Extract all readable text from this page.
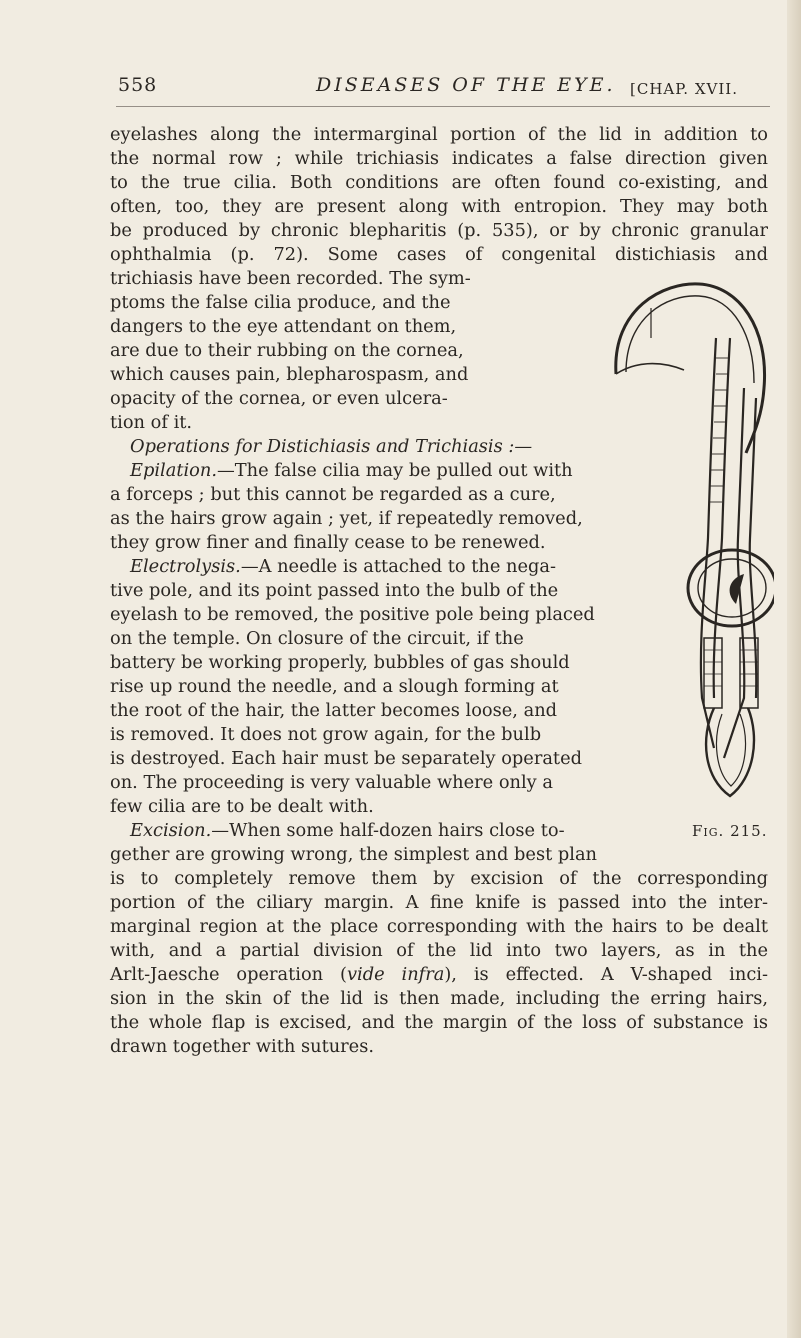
558	DISEASES OF THE EYE. [CHAP. XVII.

eyelashes along the intermarginal portion of the lid in addition to

the normal row ; while trichiasis indicates a false direction given

to the true cilia. Both conditions are often found co-existing, and

often, too, they are present along with entropion. They may both

be produced by chronic blepharitis (p. 535), or by chronic granular

ophthalmia (p. 72). Some cases of congenital distichiasis and

trichiasis have been recorded. The sym-

ptoms the false cilia produce, and the

dangers to the eye attendant on them,

are due to their rubbing on the cornea,

which causes pain, blepharospasm, and

opacity of the cornea, or even ulcera-

tion of it.

Operations for Distichiasis and Trichiasis :—

Epilation.—The false cilia may be pulled out with

a forceps ; but this cannot be regarded as a cure,

as the hairs grow again ; yet, if repeatedly removed,

they grow finer and finally cease to be renewed.

Electrolysis.—A needle is attached to the nega-

tive pole, and its point passed into the bulb of the

eyelash to be removed, the positive pole being placed

on the temple. On closure of the circuit, if the

battery be working properly, bubbles of gas should

rise up round the needle, and a slough forming at

the root of the hair, the latter becomes loose, and

is removed. It does not grow again, for the bulb

is destroyed. Each hair must be separately operated

on. The proceeding is very valuable where only a

few cilia are to be dealt with.

Excision.—When some half-dozen hairs close to-

gether are growing wrong, the simplest and best plan

is to completely remove them by excision of the corresponding

portion of the ciliary margin. A fine knife is passed into the inter-

marginal region at the place corresponding with the hairs to be dealt

with, and a partial division of the lid into two layers, as in the

Arlt-Jaesche operation (vide infra), is effected. A V-shaped inci-

sion in the skin of the lid is then made, including the erring hairs,

the whole flap is excised, and the margin of the loss of substance is

drawn together with sutures.

Fig. 215.
